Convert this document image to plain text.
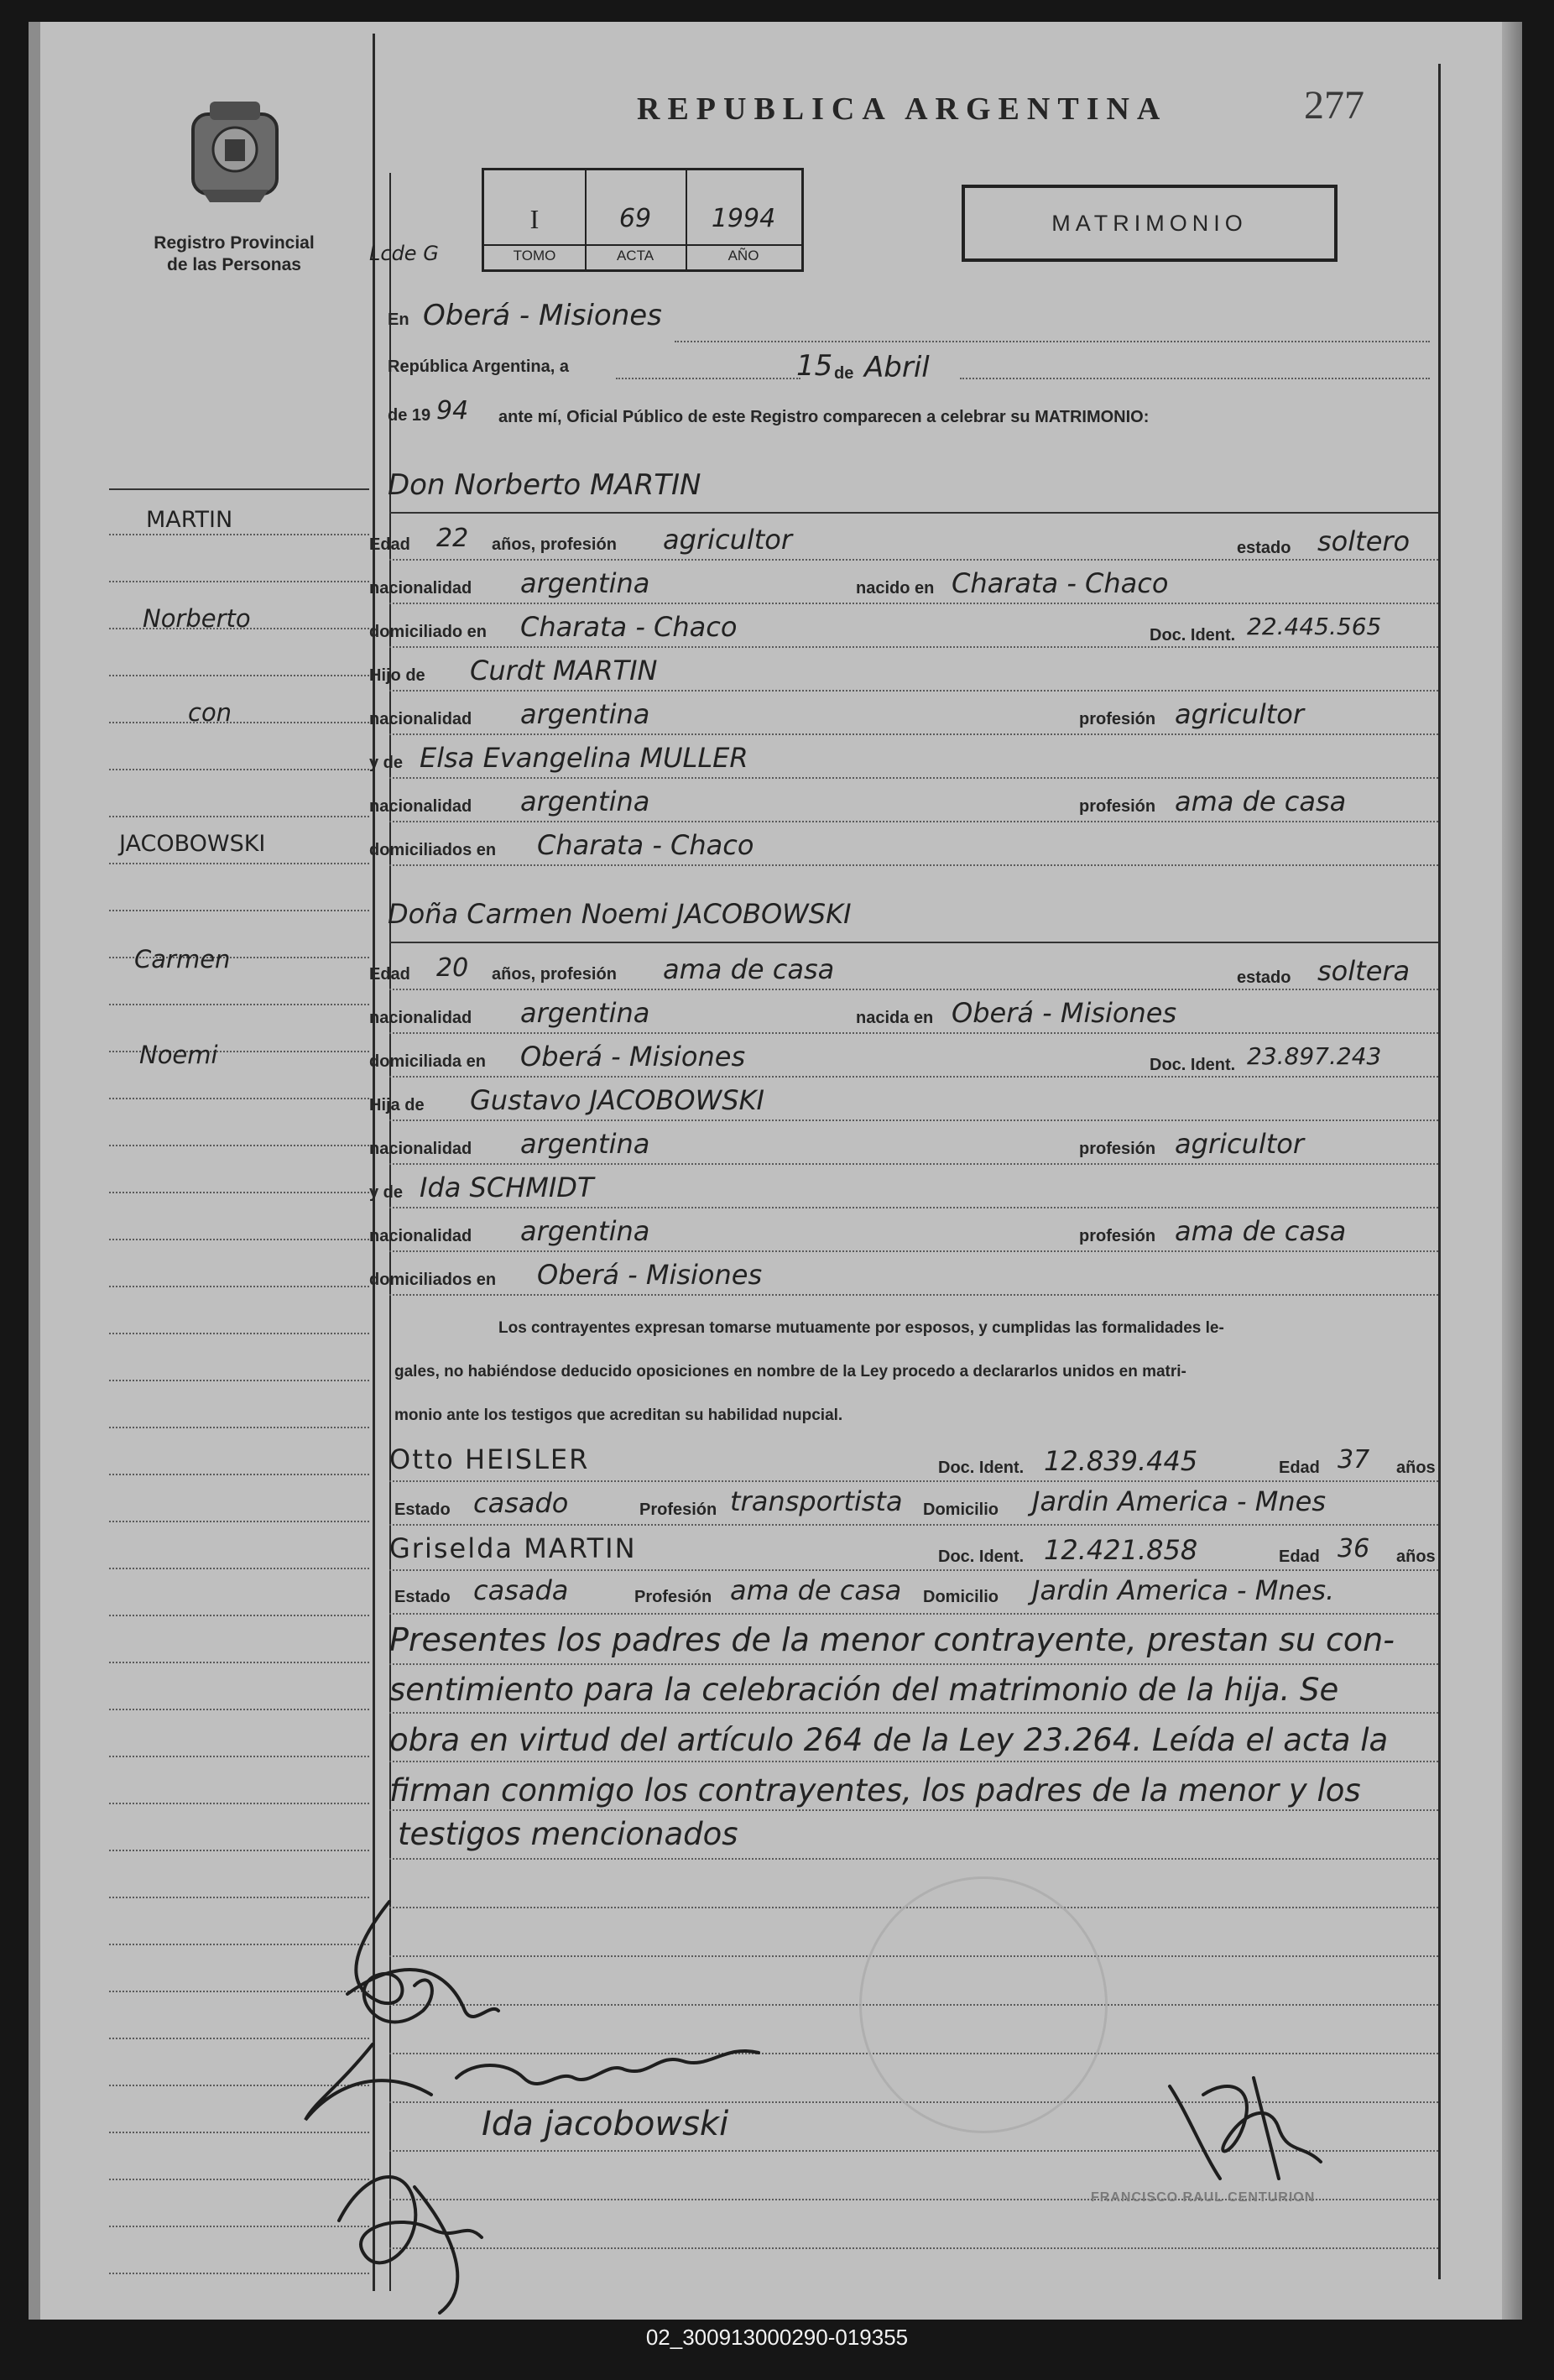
Registro Provincial
de las Personas
REPUBLICA ARGENTINA	277
Lcde G
I	69	1994
TOMO	ACTA	AÑO
MATRIMONIO
MARTIN
Norberto
con
JACOBOWSKI
Carmen
Noemi
En Oberá - Misiones
República Argentina, a	15 de Abril
de 19 94 ante mí, Oficial Público de este Registro comparecen a celebrar su MATRIMONIO:
Don Norberto MARTIN
Edad 22 años, profesión agricultor	estado soltero
nacionalidad argentina	nacido en Charata - Chaco
domiciliado en Charata - Chaco	Doc. Ident. 22.445.565
Hijo de Curdt MARTIN
nacionalidad argentina	profesión agricultor
y de Elsa Evangelina MULLER
nacionalidad argentina	profesión ama de casa
domiciliados en Charata - Chaco
Doña Carmen Noemi JACOBOWSKI
Edad 20 años, profesión ama de casa	estado soltera
nacionalidad argentina	nacida en Oberá - Misiones
domiciliada en Oberá - Misiones	Doc. Ident. 23.897.243
Hija de Gustavo JACOBOWSKI
nacionalidad argentina	profesión agricultor
y de Ida SCHMIDT
nacionalidad argentina	profesión ama de casa
domiciliados en Oberá - Misiones
Los contrayentes expresan tomarse mutuamente por esposos, y cumplidas las formalidades le-
gales, no habiéndose deducido oposiciones en nombre de la Ley procedo a declararlos unidos en matri-
monio ante los testigos que acreditan su habilidad nupcial.
Otto HEISLER	Doc. Ident. 12.839.445	Edad 37 años
Estado casado	Profesión transportista Domicilio Jardin America - Mnes
Griselda MARTIN	Doc. Ident. 12.421.858	Edad 36 años
Estado casada	Profesión ama de casa Domicilio Jardin America - Mnes.
Presentes los padres de la menor contrayente, prestan su con-
sentimiento para la celebración del matrimonio de la hija. Se
obra en virtud del artículo 264 de la Ley 23.264. Leída el acta la
firman conmigo los contrayentes, los padres de la menor y los
testigos mencionados
Ida jacobowski
FRANCISCO RAUL CENTURION
02_300913000290-019355
